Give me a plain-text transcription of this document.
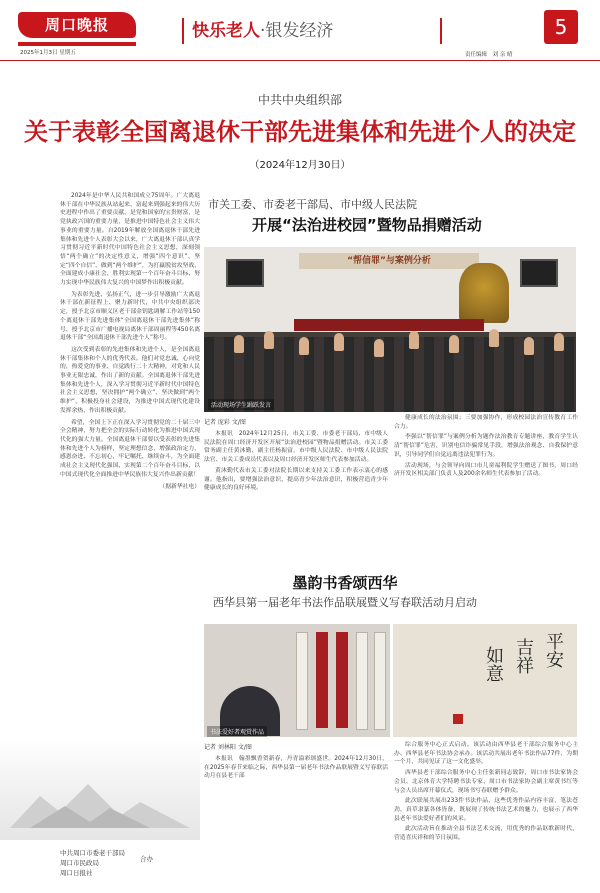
周口晚报
2025年1月3日 星期五
快乐老人·银发经济	5
责任编辑　刘 亲 晴
中共中央组织部
关于表彰全国离退休干部先进集体和先进个人的决定
（2024年12月30日）

2024年是中华人民共和国成立75周年。广大离退休干部在中华民族从站起来、富起来到强起来的伟大历史进程中作出了重要贡献，是党和国家的宝贵财富，是党执政兴国的重要力量，是推进中国特色社会主义伟大事业的重要力量。自2019年解放全国离退休干部先进集体和先进个人表彰大会以来，广大离退休干部认真学习贯彻习近平新时代中国特色社会主义思想，深刻领悟“两个确立”的决定性意义，增强“四个意识”、坚定“四个自信”、做到“两个维护”，为打赢脱贫攻坚战、全面建成小康社会、胜利实现第一个百年奋斗目标、努力实现中华民族伟大复兴的中国梦作出积极贡献。

为表彰先进、弘扬正气，进一步引导激励广大离退休干部在新征程上、聚力新时代，中共中央组织部决定，授予北京市顺义区老干部金钥匙调解工作站等150个离退休干部先进集体“全国离退休干部先进集体”称号，授予北京市广播电视局离休干部周丽程等450名离退休干部“全国离退休干部先进个人”称号。

这次受到表彰的先进集体和先进个人，是全国离退休干部集体和个人的优秀代表。他们对党忠诚、心向党的，热爱党的事业、自觉践行二十大精神，对党和人民事业无限忠诚，作出了新的贡献。全国离退休干部先进集体和先进个人，深入学习贯彻习近平新时代中国特色社会主义思想，坚决拥护“两个确立”、坚决做到“两个维护”，积极投身社会建设，为推进中国式现代化建设发挥余热，作出积极贡献。

希望，全国上下正在深入学习贯彻党的二十届三中全会精神，努力把全会的实际行动转化为推进中国式现代化的强大力量。全国离退休干部要以受表彰的先进集体和先进个人为榜样，坚定理想信念，增强政治定力，感恩奋进、不忘初心，牢记嘱托、继续奋斗，为全面建成社会主义现代化强国、实现第二个百年奋斗目标，以中国式现代化全面推进中华民族伟大复兴作出新贡献！

（据新华社电）

市关工委、市委老干部局、市中级人民法院
开展“法治进校园”暨物品捐赠活动
“帮信罪”与案例分析
活动现场学生踊跃发言
记者 庞彩 文/图

本报讯　2024年12月25日，市关工委、市委老干部局、市中级人民法院在周口经济开发区开展“法治进校园”暨物品捐赠活动。市关工委常务副主任黄沐勤、副主任杨振富，市中级人民法院、市中级人民法院法官、市关工委成员代表以及周口经济开发区师生代表参加活动。

黄沐勤代表市关工委对法院长期以来支持关工委工作表示衷心的感谢。他指出，要增强法治意识，提高青少年法治意识，积极营造青少年健康成长的良好环境。

健康成长的法治氛围；三要加强协作，形成校园法治宣传教育工作合力。

李强以“帮信罪”与案例分析为题作法治教育专题讲座，教育学生认清“帮信罪”危害，识别电信诈骗常见手段，增强法治观念、自我保护意识，引导同学们自觉远离违法犯罪行为。

活动现场，与会领导向周口市儿童福利院学生赠送了图书，周口经济开发区相关部门负责人及200余名师生代表参加了活动。

墨韵书香颂西华
西华县第一届老年书法作品联展暨义写春联活动月启动
书法爱好者观赏作品
平安
吉祥
如意
记者 刘林阳 文/图

本报讯　翰墨飘香贺新春，丹青溢彩颂盛世。2024年12月30日，在2025年春节来临之际，西华县第一届老年书法作品联展暨义写春联活动月在县老干部

综合服务中心正式启动。该活动由西华县老干部综合服务中心主办、西华县老年书法协会承办。该活动共展出老年书法作品77件，为期一个月，共同见证了这一文化盛举。

西华县老干部综合服务中心主任张新同志致辞，周口市书法家协会会员、北京体育大学特聘书法专家、周口市书法家协会副主席黄书红等与会人员出席开幕仪式，现场书写春联赠予群众。

此次联展共展出233件书法作品，这些优秀作品内容丰富，笔法苍劲，真草隶篆各体皆备，既展现了传统书法艺术的魅力，也展示了西华县老年书法爱好者们的风采。

此次活动旨在推动全县书法艺术交流，用优秀的作品讴歌新时代，营造喜庆祥和的节日氛围。

中共周口市委老干部局
周口市民政局
周口日报社
合办
